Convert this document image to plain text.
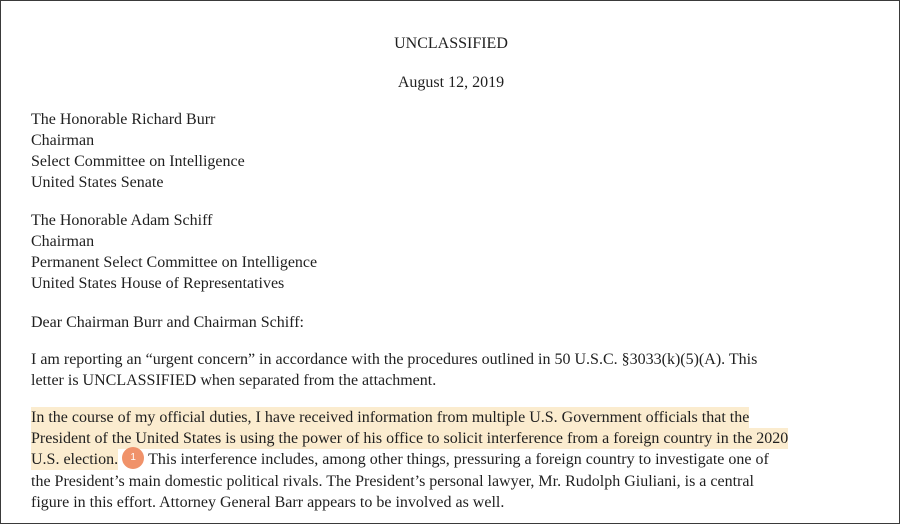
UNCLASSIFIED
August 12, 2019
The Honorable Richard Burr
Chairman
Select Committee on Intelligence
United States Senate
The Honorable Adam Schiff
Chairman
Permanent Select Committee on Intelligence
United States House of Representatives
Dear Chairman Burr and Chairman Schiff:
I am reporting an “urgent concern” in accordance with the procedures outlined in 50 U.S.C. §3033(k)(5)(A). This
letter is UNCLASSIFIED when separated from the attachment.
In the course of my official duties, I have received information from multiple U.S. Government officials that the
President of the United States is using the power of his office to solicit interference from a foreign country in the 2020
U.S. election. 1 This interference includes, among other things, pressuring a foreign country to investigate one of
the President’s main domestic political rivals. The President’s personal lawyer, Mr. Rudolph Giuliani, is a central
figure in this effort. Attorney General Barr appears to be involved as well.
